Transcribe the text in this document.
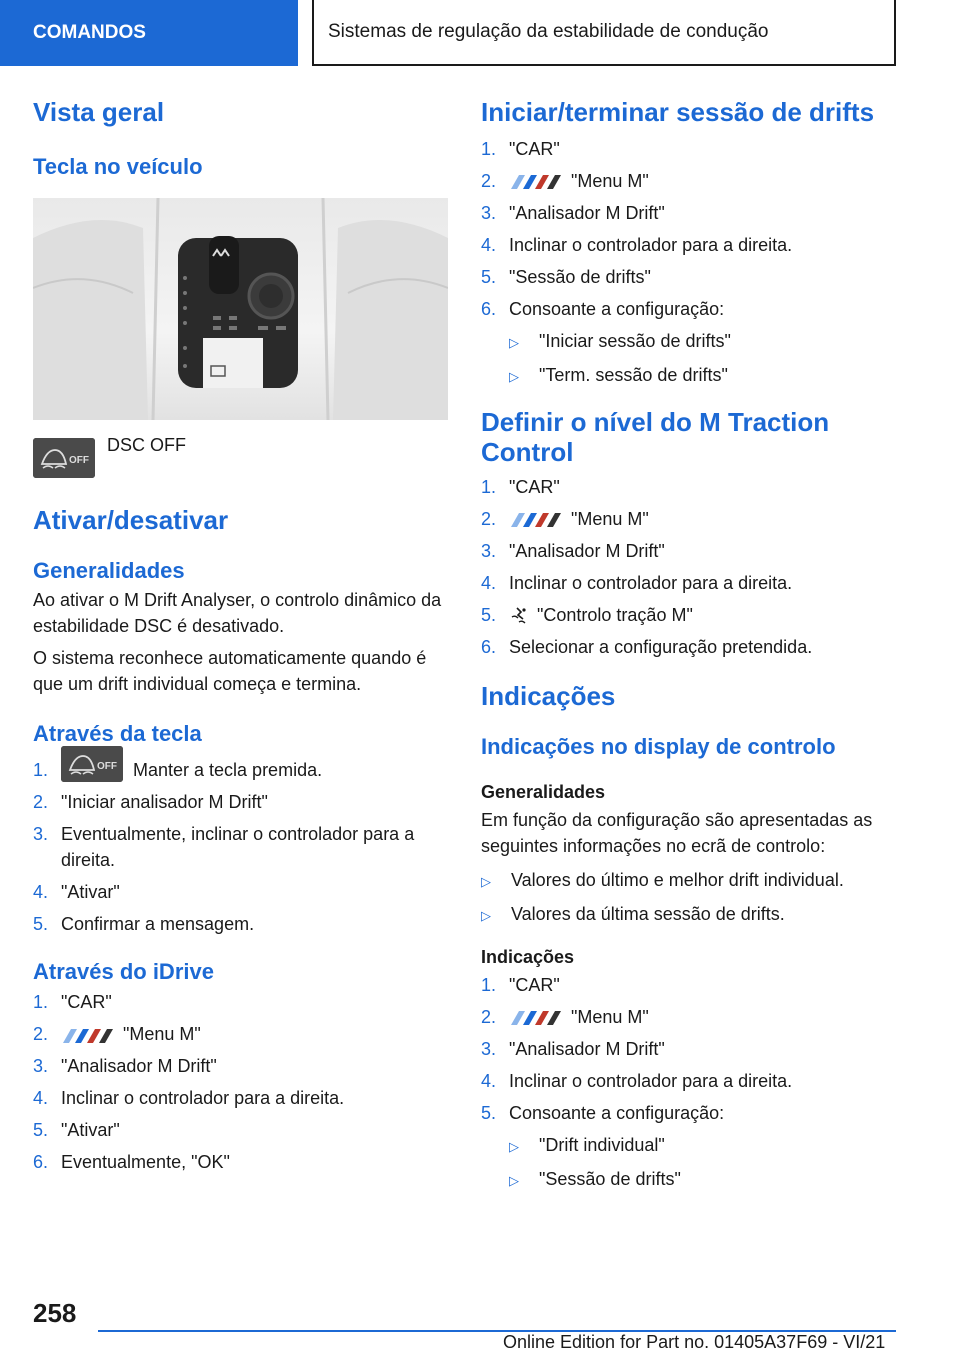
COMANDOS	Sistemas de regulação da estabilidade de condução
Vista geral
Tecla no veículo
OFF
DSC OFF
Ativar/desativar
Generalidades

Ao ativar o M Drift Analyser, o controlo dinâmico da estabilidade DSC é desativado.

O sistema reconhece automaticamente quando é que um drift individual começa e termina.

Através da tecla
1.	OFF Manter a tecla premida.
2. "Iniciar analisador M Drift"
3. Eventualmente, inclinar o controlador para a direita.
4. "Ativar"
5. Confirmar a mensagem.
Através do iDrive
1. "CAR"
2.	"Menu M"
3. "Analisador M Drift"
4. Inclinar o controlador para a direita.
5. "Ativar"
6. Eventualmente, "OK"
Iniciar/terminar sessão de drifts
1. "CAR"
2.	"Menu M"
3. "Analisador M Drift"
4. Inclinar o controlador para a direita.
5. "Sessão de drifts"
6. Consoante a configuração:
▷	"Iniciar sessão de drifts"
▷	"Term. sessão de drifts"
Definir o nível do M Traction Control
1. "CAR"
2.	"Menu M"
3. "Analisador M Drift"
4. Inclinar o controlador para a direita.
5.	"Controlo tração M"
6. Selecionar a configuração pretendida.
Indicações
Indicações no display de controlo
Generalidades

Em função da configuração são apresentadas as seguintes informações no ecrã de controlo:

▷	Valores do último e melhor drift individual.
▷	Valores da última sessão de drifts.
Indicações
1. "CAR"
2.	"Menu M"
3. "Analisador M Drift"
4. Inclinar o controlador para a direita.
5. Consoante a configuração:
▷	"Drift individual"
▷	"Sessão de drifts"
258
Online Edition for Part no. 01405A37F69 - VI/21
